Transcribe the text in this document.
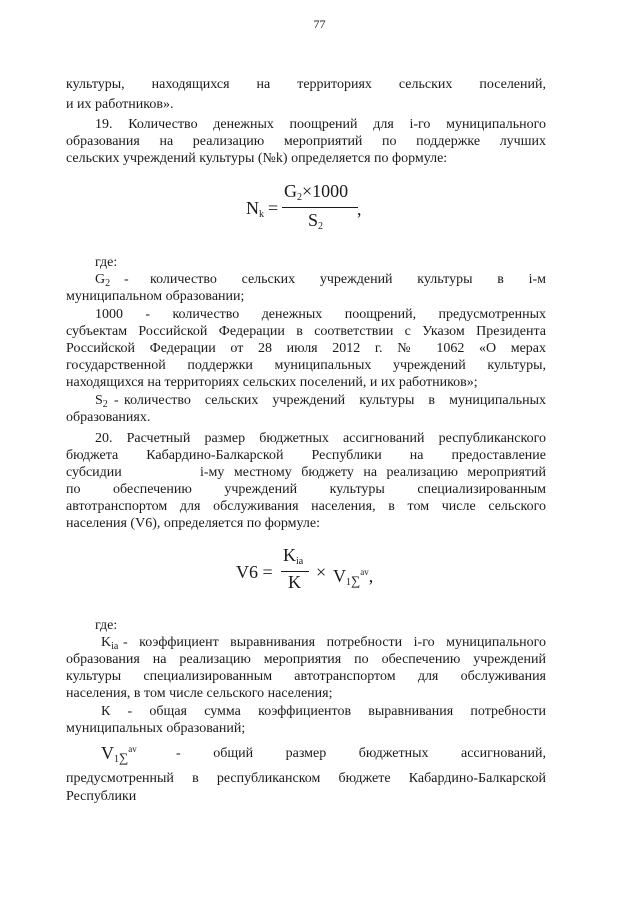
77
культуры, находящихся на территориях сельских поселений,
и их работников».
19. Количество денежных поощрений для i-го муниципального
образования на реализацию мероприятий по поддержке лучших
сельских учреждений культуры (№k) определяется по формуле:
$N_k$ =
$G_2\times 1000$
$S_2$
,
где:
$G_2$ - количество сельских учреждений культуры в i-м
муниципальном образовании;
1000 - количество денежных поощрений, предусмотренных
субъектам Российской Федерации в соответствии с Указом Президента
Российской Федерации от 28 июля 2012 г. № 1062 «О мерах
государственной поддержки муниципальных учреждений культуры,
находящихся на территориях сельских поселений, и их работников»;
$S_2$ - количество сельских учреждений культуры в муниципальных
образованиях.
20. Расчетный размер бюджетных ассигнований республиканского
бюджета Кабардино-Балкарской Республики на предоставление
субсидии	i-му местному бюджету на реализацию мероприятий
по обеспечению учреждений культуры специализированным
автотранспортом для обслуживания населения, в том числе сельского
населения (V6), определяется по формуле:
V6 =
$K_{ia}$
$K \times V_1\sum^{av}$,
где:
$K_{ia}$ - коэффициент выравнивания потребности i-го муниципального
образования на реализацию мероприятия по обеспечению учреждений
культуры специализированным автотранспортом для обслуживания
населения, в том числе сельского населения;
К - общая сумма коэффициентов выравнивания потребности
муниципальных образований;
$V_1\sum^{av}$	- общий размер бюджетных ассигнований,
предусмотренный в республиканском бюджете Кабардино-Балкарской
Республики
